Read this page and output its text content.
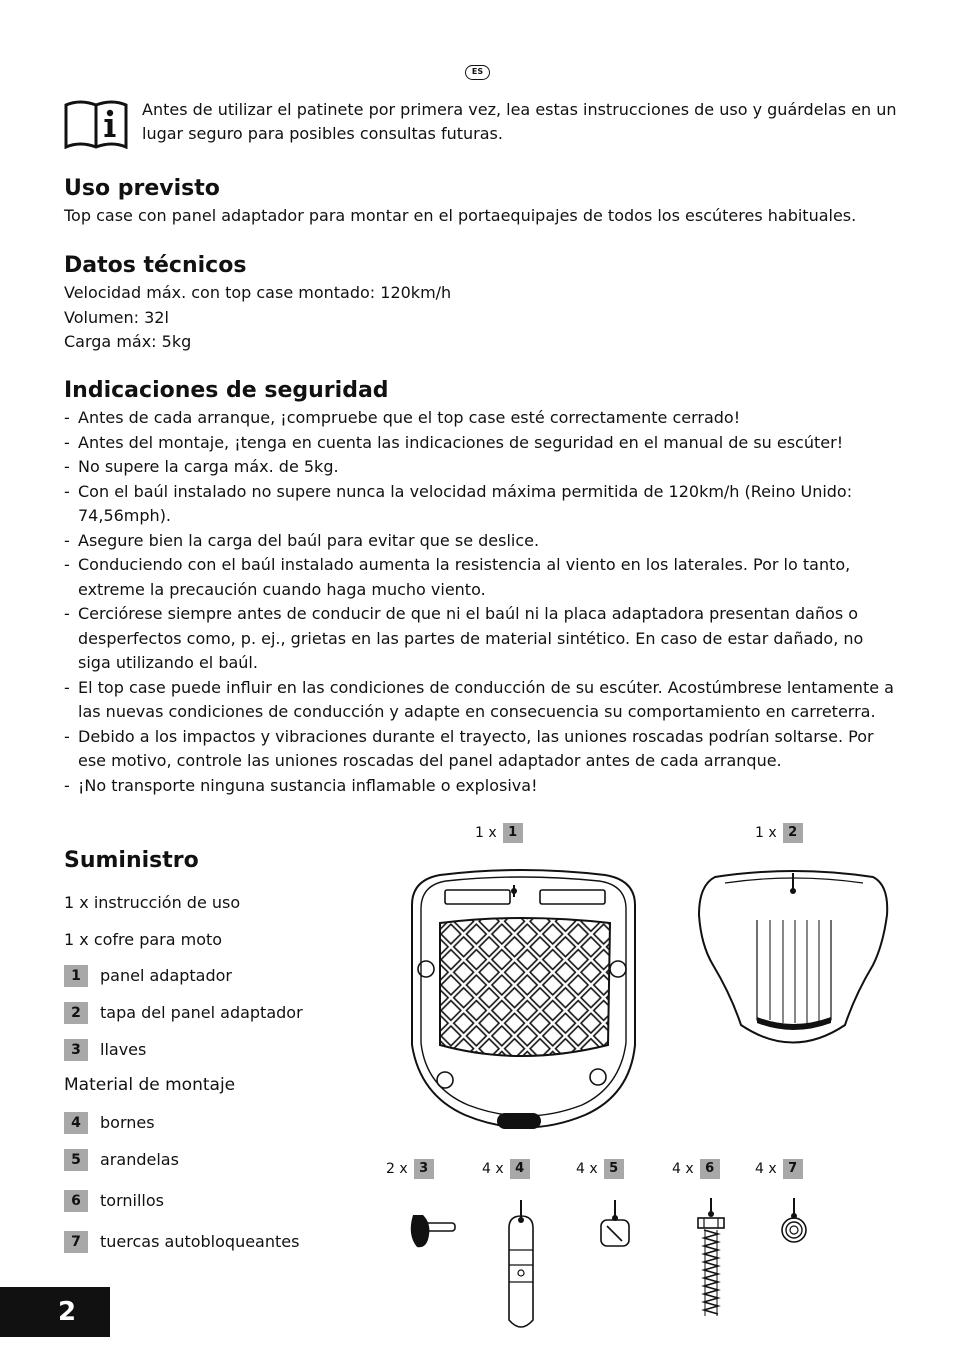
ES
Antes de utilizar el patinete por primera vez, lea estas instrucciones de uso y guárdelas en un lugar seguro para posibles consultas futuras.
Uso previsto

Top case con panel adaptador para montar en el portaequipajes de todos los escúteres habituales.

Datos técnicos

Velocidad máx. con top case montado: 120km/h

Volumen: 32l

Carga máx: 5kg

Indicaciones de seguridad
- Antes de cada arranque, ¡compruebe que el top case esté correctamente cerrado!
- Antes del montaje, ¡tenga en cuenta las indicaciones de seguridad en el manual de su escúter!
- No supere la carga máx. de 5kg.
- Con el baúl instalado no supere nunca la velocidad máxima permitida de 120km/h (Reino Unido: 74,56mph).
- Asegure bien la carga del baúl para evitar que se deslice.
- Conduciendo con el baúl instalado aumenta la resistencia al viento en los laterales. Por lo tanto, extreme la precaución cuando haga mucho viento.
- Cerciórese siempre antes de conducir de que ni el baúl ni la placa adaptadora presentan daños o desperfectos como, p. ej., grietas en las partes de material sintético. En caso de estar dañado, no siga utilizando el baúl.
- El top case puede influir en las condiciones de conducción de su escúter. Acostúmbrese lentamente a las nuevas condiciones de conducción y adapte en consecuencia su comportamiento en carreterra.
- Debido a los impactos y vibraciones durante el trayecto, las uniones roscadas podrían soltarse. Por ese motivo, controle las uniones roscadas del panel adaptador antes de cada arranque.
- ¡No transporte ninguna sustancia inflamable o explosiva!
Suministro
1 x instrucción de uso
1 x cofre para moto
1	panel adaptador
2	tapa del panel adaptador
3	llaves
Material de montaje
4	bornes
5	arandelas
6	tornillos
7	tuercas autobloqueantes
1 x 1	1 x 2
2 x 3	4 x 4	4 x 5	4 x 6	4 x 7
2
